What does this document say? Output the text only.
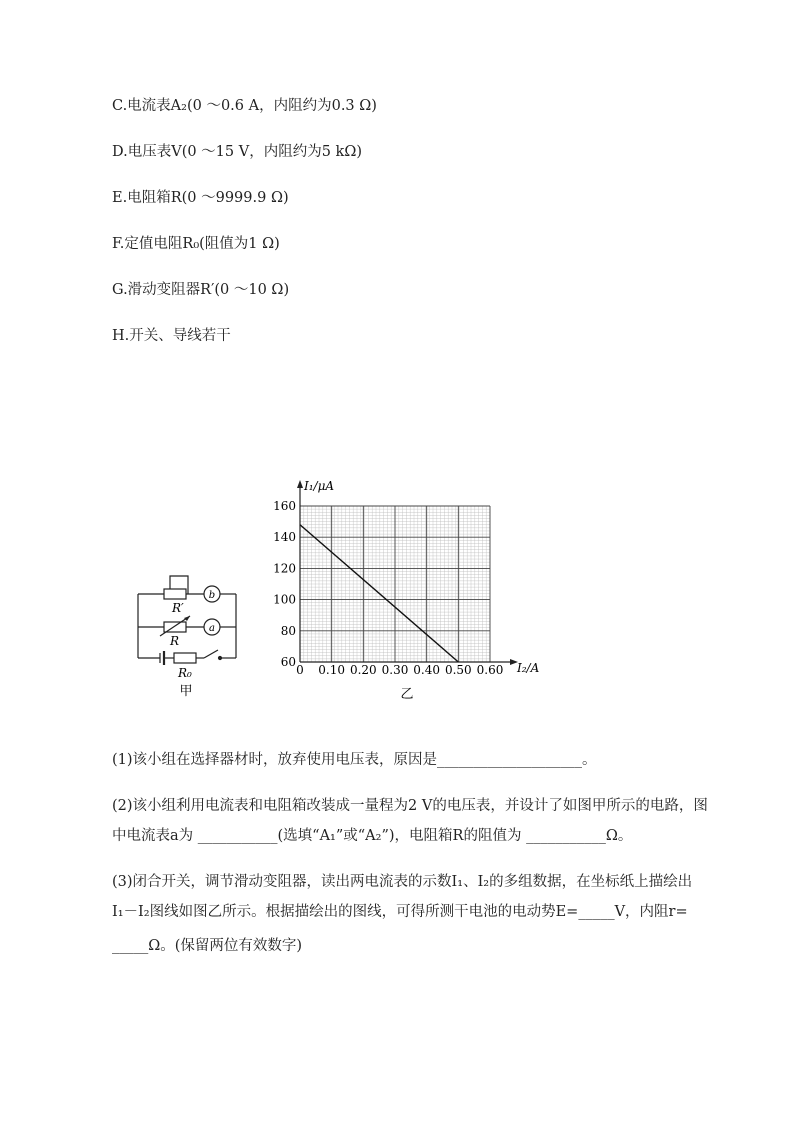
C.电流表A₂(0 ～0.6 A，内阻约为0.3 Ω)
D.电压表V(0 ～15 V，内阻约为5 kΩ)
E.电阻箱R(0 ～9999.9 Ω)
F.定值电阻R₀(阻值为1 Ω)
G.滑动变阻器R′(0 ～10 Ω)
H.开关、导线若干
b
a
R′
R
R₀
甲
60
80
100
120
140
160
0 0.10 0.20 0.30 0.40 0.50 0.60
I₁/μA
I₂/A
乙
(1)该小组在选择器材时，放弃使用电压表，原因是____________________。
(2)该小组利用电流表和电阻箱改装成一量程为2 V的电压表，并设计了如图甲所示的电路，图
中电流表a为 ___________(选填“A₁”或“A₂”)，电阻箱R的阻值为 ___________Ω。
(3)闭合开关，调节滑动变阻器，读出两电流表的示数I₁、I₂的多组数据，在坐标纸上描绘出
I₁－I₂图线如图乙所示。根据描绘出的图线，可得所测干电池的电动势E=_____V，内阻r=
_____Ω。(保留两位有效数字)
